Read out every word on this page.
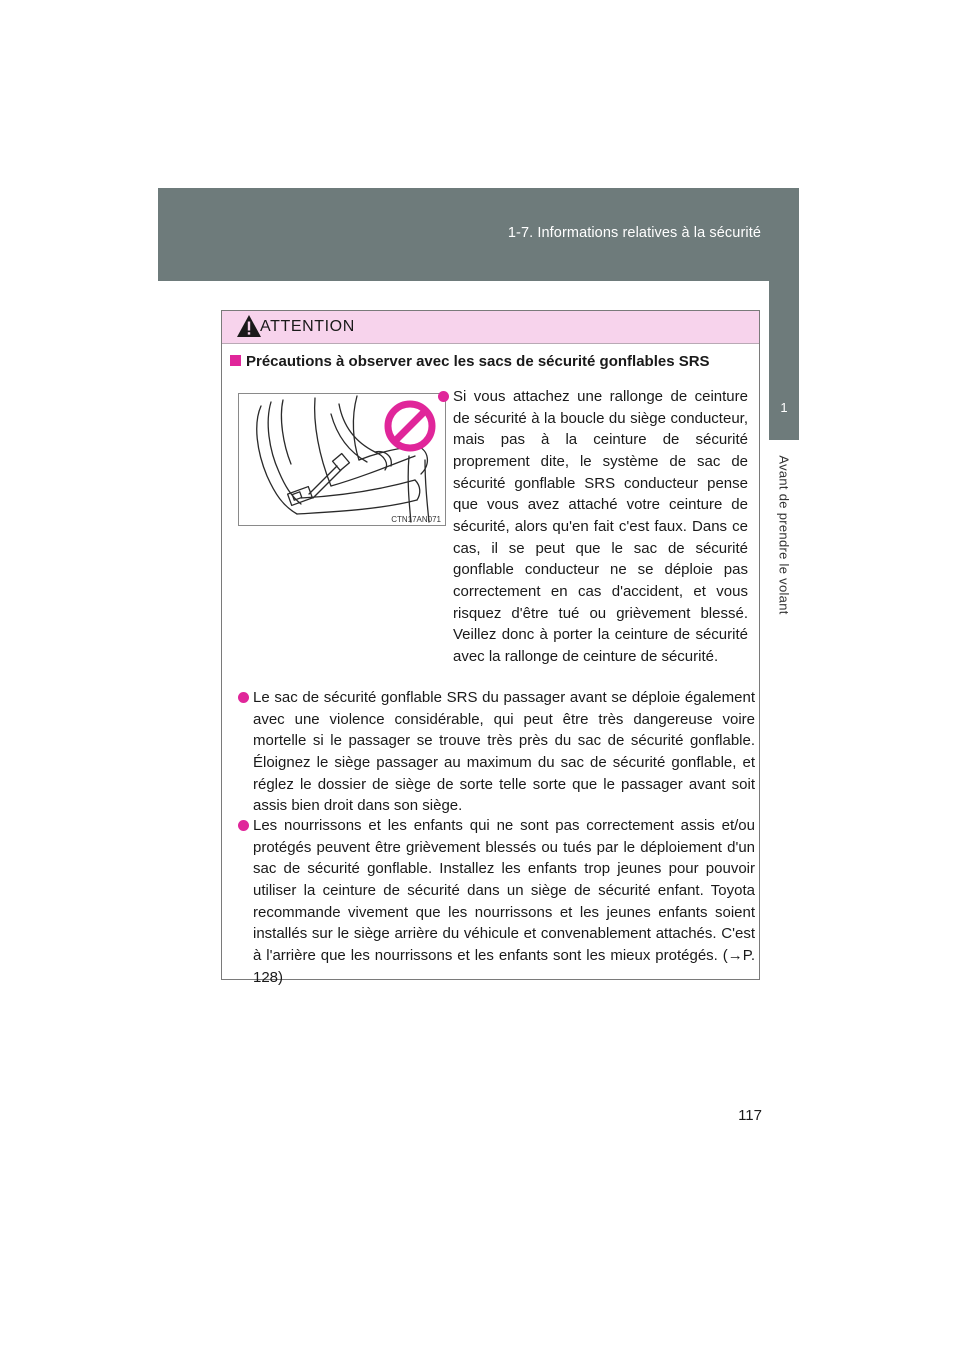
1-7. Informations relatives à la sécurité
1
Avant de prendre le volant
ATTENTION
Précautions à observer avec les sacs de sécurité gonflables SRS
CTN17AN071
Si vous attachez une rallonge de ceinture de sécurité à la boucle du siège conducteur, mais pas à la ceinture de sécurité proprement dite, le système de sac de sécurité gonflable SRS conducteur pense que vous avez attaché votre ceinture de sécurité, alors qu'en fait c'est faux. Dans ce cas, il se peut que le sac de sécurité gonflable conducteur ne se déploie pas correctement en cas d'accident, et vous risquez d'être tué ou grièvement blessé. Veillez donc à porter la ceinture de sécurité avec la rallonge de ceinture de sécurité.
Le sac de sécurité gonflable SRS du passager avant se déploie également avec une violence considérable, qui peut être très dangereuse voire mortelle si le passager se trouve très près du sac de sécurité gonflable. Éloignez le siège passager au maximum du sac de sécurité gonflable, et réglez le dossier de siège de sorte telle sorte que le passager avant soit assis bien droit dans son siège.
Les nourrissons et les enfants qui ne sont pas correctement assis et/ou protégés peuvent être grièvement blessés ou tués par le déploiement d'un sac de sécurité gonflable. Installez les enfants trop jeunes pour pouvoir utiliser la ceinture de sécurité dans un siège de sécurité enfant. Toyota recommande vivement que les nourrissons et les jeunes enfants soient installés sur le siège arrière du véhicule et convenablement attachés. C'est à l'arrière que les nourrissons et les enfants sont les mieux protégés. (→P. 128)
117
